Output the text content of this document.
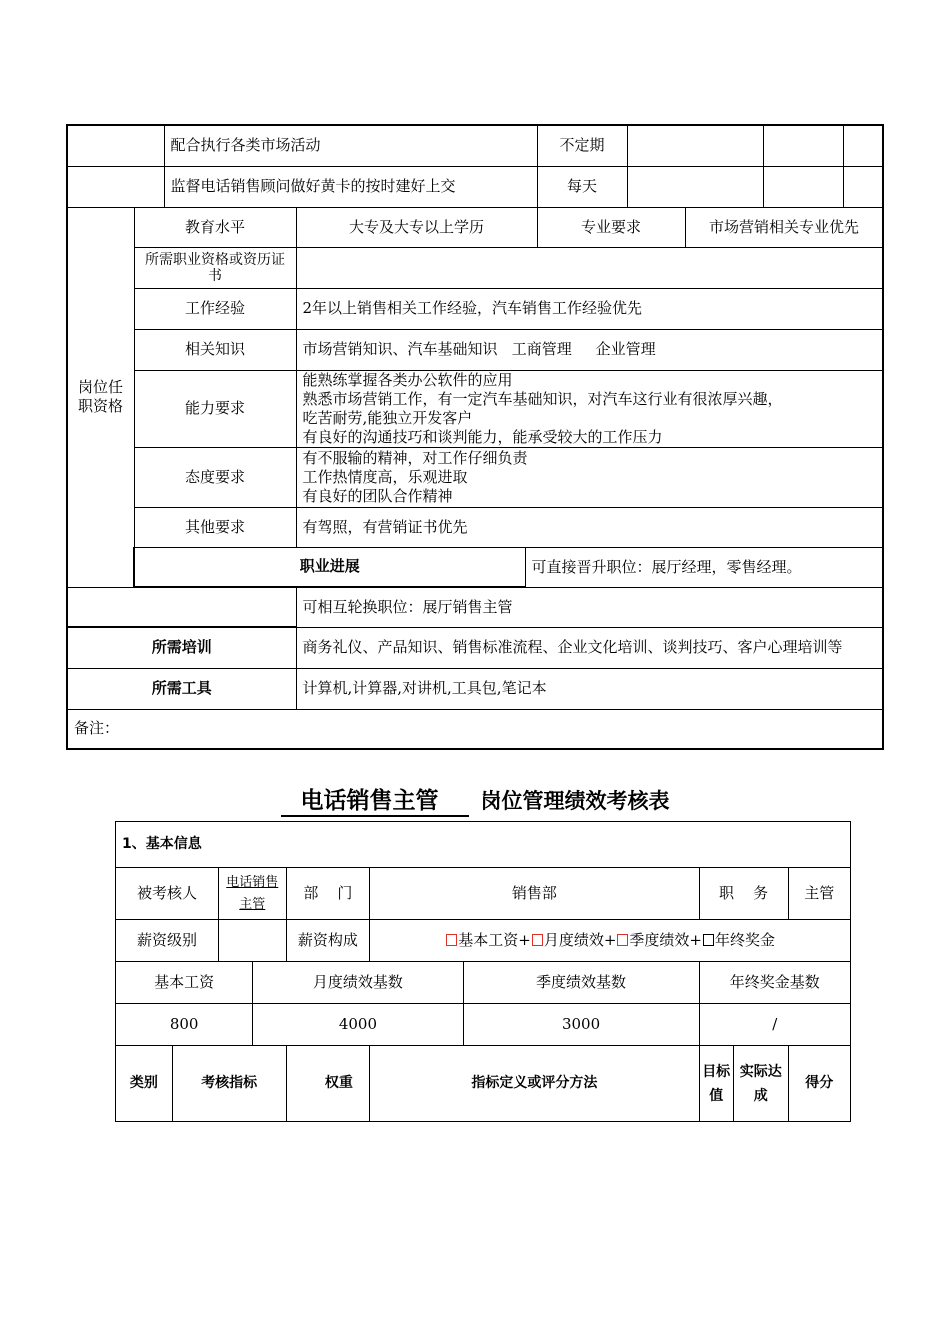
		配合执行各类市场活动			不定期				
		监督电话销售顾问做好黄卡的按时建好上交			每天				
岗位任职资格	教育水平		大专及大专以上学历		专业要求		市场营销相关专业优先		
	所需职业资格或资历证书								
	工作经验		2年以上销售相关工作经验，汽车销售工作经验优先						
	相关知识		市场营销知识、汽车基础知识   工商管理     企业管理						
	能力要求		能熟练掌握各类办公软件的应用
熟悉市场营销工作，有一定汽车基础知识，对汽车这行业有很浓厚兴趣，
吃苦耐劳,能独立开发客户
有良好的沟通技巧和谈判能力，能承受较大的工作压力						
	态度要求		有不服输的精神，对工作仔细负责
工作热情度高，乐观进取
有良好的团队合作精神						
	其他要求		有驾照，有营销证书优先						
	职业进展			可直接晋升职位：展厅经理，零售经理。					
			可相互轮换职位：展厅销售主管						
所需培训			商务礼仪、产品知识、销售标准流程、企业文化培训、谈判技巧、客户心理培训等						
所需工具			计算机,计算器,对讲机,工具包,笔记本						
备注：									
电话销售主管 岗位管理绩效考核表
1、基本信息									
被考核人		电话销售主管		部    门	销售部		职    务		主管
薪资级别				薪资构成	基本工资+ 月度绩效+ 季度绩效+ 年终奖金				
基本工资			月度绩效基数			季度绩效基数	年终奖金基数		
800			4000			3000	/		
类别	考核指标			权重	指标定义或评分方法		目标值	实际达成	得分
